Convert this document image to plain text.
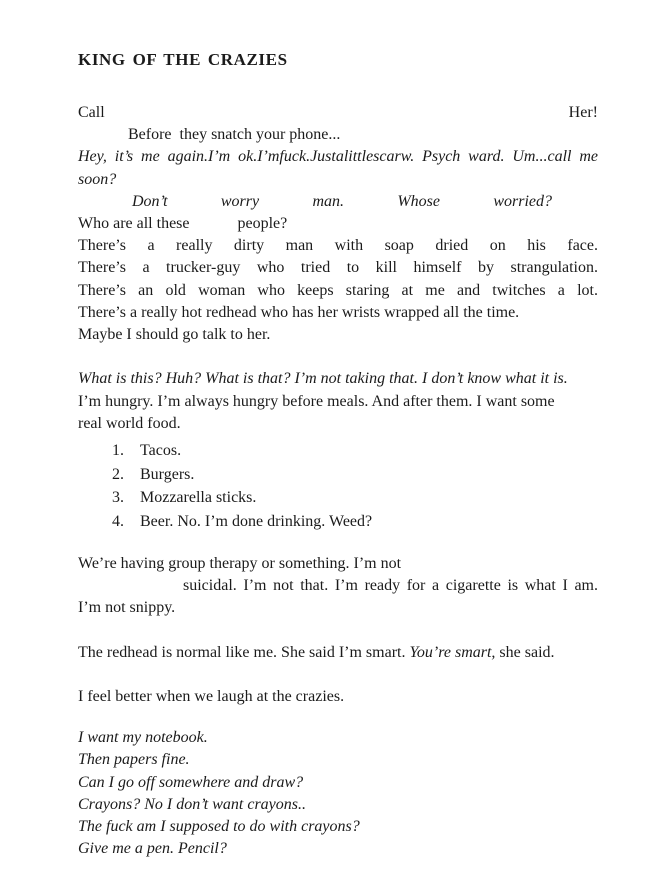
KING OF THE CRAZIES
Call Her!
Before  they snatch your phone...
Hey, it’s me again.I’m ok.I’mfuck.Justalittlescarw. Psych ward. Um...call me
soon?
Don’t worry man. Whose worried?
Who are all these            people?
There’s a really dirty man with soap dried on his face.
There’s a trucker-guy who tried to kill himself by strangulation.
There’s an old woman who keeps staring at me and twitches a lot.
There’s a really hot redhead who has her wrists wrapped all the time.
Maybe I should go talk to her.
What is this? Huh? What is that? I’m not taking that. I don’t know what it is.
I’m hungry. I’m always hungry before meals. And after them. I want some
real world food.
1. Tacos.
2. Burgers.
3. Mozzarella sticks.
4. Beer. No. I’m done drinking. Weed?
We’re having group therapy or something. I’m not
suicidal. I’m not that. I’m ready for a cigarette is what I am.
I’m not snippy.
The redhead is normal like me. She said I’m smart. You’re smart, she said.
I feel better when we laugh at the crazies.
I want my notebook.
Then papers fine.
Can I go off somewhere and draw?
Crayons? No I don’t want crayons..
The fuck am I supposed to do with crayons?
Give me a pen. Pencil?
